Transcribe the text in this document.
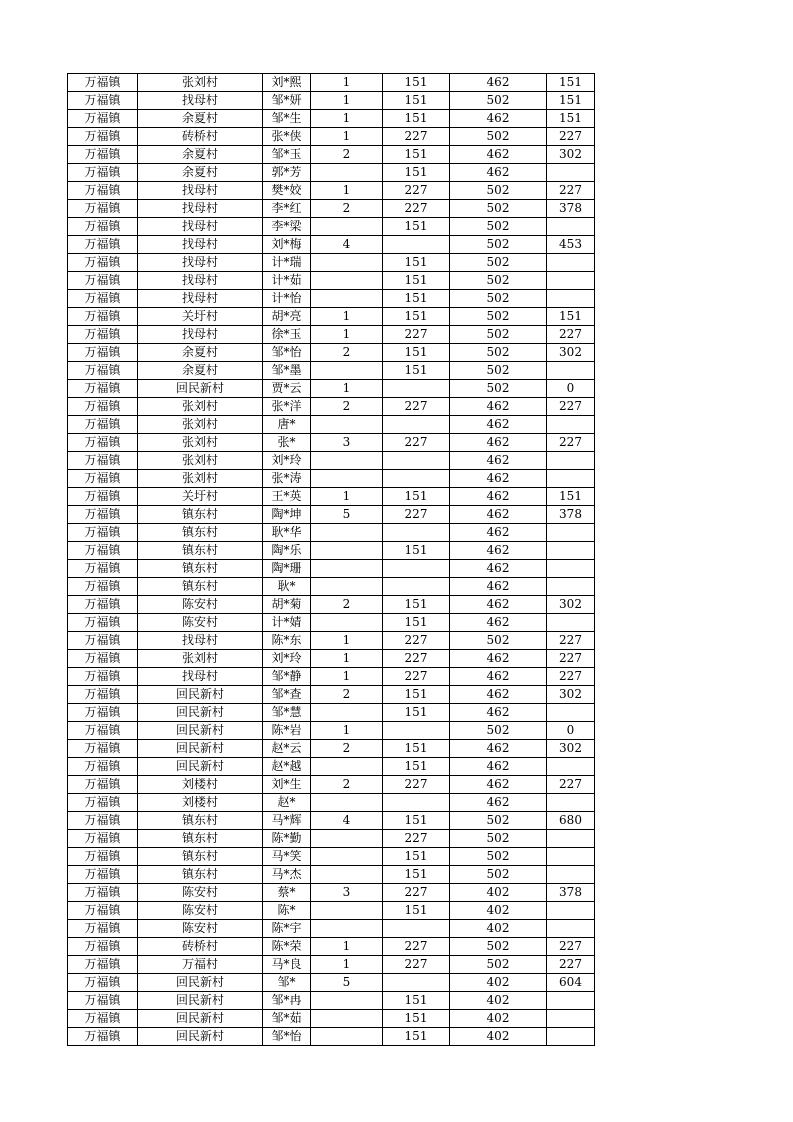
万福镇	张刘村	刘*熙	1	151	462	151
万福镇	找母村	邹*妍	1	151	502	151
万福镇	余夏村	邹*生	1	151	462	151
万福镇	砖桥村	张*侠	1	227	502	227
万福镇	余夏村	邹*玉	2	151	462	302
万福镇	余夏村	郭*芳		151	462	
万福镇	找母村	樊*姣	1	227	502	227
万福镇	找母村	李*红	2	227	502	378
万福镇	找母村	李*梁		151	502	
万福镇	找母村	刘*梅	4		502	453
万福镇	找母村	计*瑞		151	502	
万福镇	找母村	计*茹		151	502	
万福镇	找母村	计*怡		151	502	
万福镇	关圩村	胡*亮	1	151	502	151
万福镇	找母村	徐*玉	1	227	502	227
万福镇	余夏村	邹*怡	2	151	502	302
万福镇	余夏村	邹*墨		151	502	
万福镇	回民新村	贾*云	1		502	0
万福镇	张刘村	张*洋	2	227	462	227
万福镇	张刘村	唐*			462	
万福镇	张刘村	张*	3	227	462	227
万福镇	张刘村	刘*玲			462	
万福镇	张刘村	张*涛			462	
万福镇	关圩村	王*英	1	151	462	151
万福镇	镇东村	陶*坤	5	227	462	378
万福镇	镇东村	耿*华			462	
万福镇	镇东村	陶*乐		151	462	
万福镇	镇东村	陶*珊			462	
万福镇	镇东村	耿*			462	
万福镇	陈安村	胡*菊	2	151	462	302
万福镇	陈安村	计*婧		151	462	
万福镇	找母村	陈*东	1	227	502	227
万福镇	张刘村	刘*玲	1	227	462	227
万福镇	找母村	邹*静	1	227	462	227
万福镇	回民新村	邹*查	2	151	462	302
万福镇	回民新村	邹*慧		151	462	
万福镇	回民新村	陈*岩	1		502	0
万福镇	回民新村	赵*云	2	151	462	302
万福镇	回民新村	赵*越		151	462	
万福镇	刘楼村	刘*生	2	227	462	227
万福镇	刘楼村	赵*			462	
万福镇	镇东村	马*辉	4	151	502	680
万福镇	镇东村	陈*勤		227	502	
万福镇	镇东村	马*笑		151	502	
万福镇	镇东村	马*杰		151	502	
万福镇	陈安村	蔡*	3	227	402	378
万福镇	陈安村	陈*		151	402	
万福镇	陈安村	陈*宇			402	
万福镇	砖桥村	陈*荣	1	227	502	227
万福镇	万福村	马*良	1	227	502	227
万福镇	回民新村	邹*	5		402	604
万福镇	回民新村	邹*冉		151	402	
万福镇	回民新村	邹*茹		151	402	
万福镇	回民新村	邹*怡		151	402	
